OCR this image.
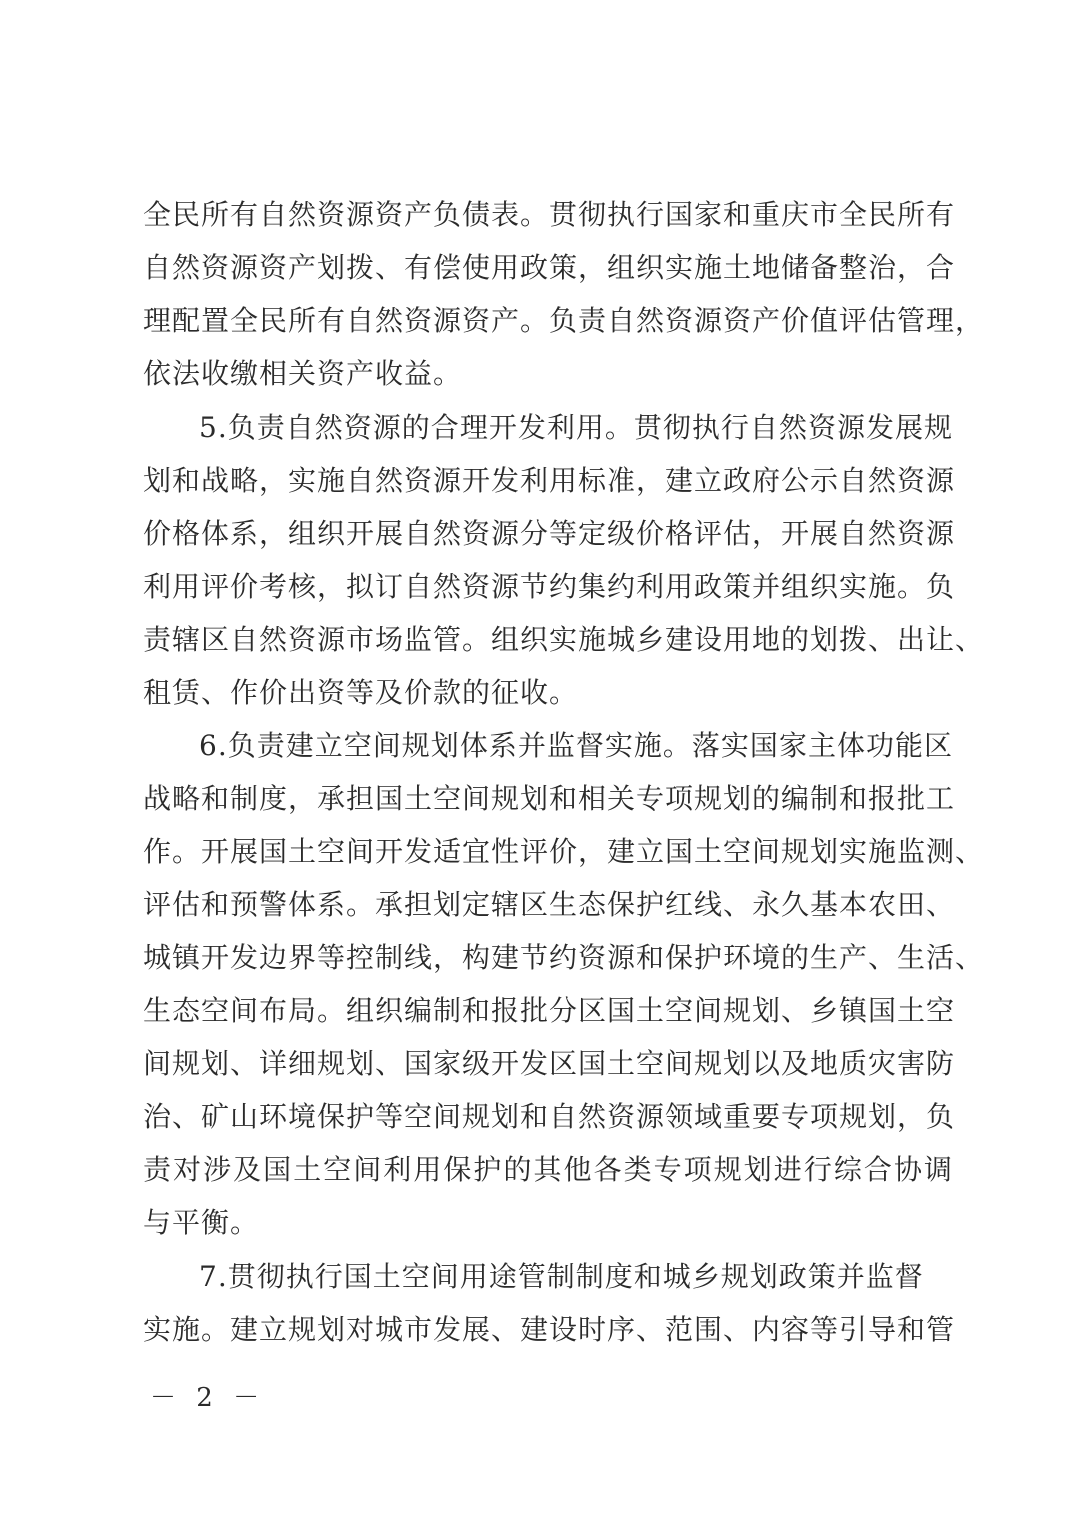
全民所有自然资源资产负债表。贯彻执行国家和重庆市全民所有
自然资源资产划拨、有偿使用政策，组织实施土地储备整治，合
理配置全民所有自然资源资产。负责自然资源资产价值评估管理，
依法收缴相关资产收益。
5.负责自然资源的合理开发利用。贯彻执行自然资源发展规
划和战略，实施自然资源开发利用标准，建立政府公示自然资源
价格体系，组织开展自然资源分等定级价格评估，开展自然资源
利用评价考核，拟订自然资源节约集约利用政策并组织实施。负
责辖区自然资源市场监管。组织实施城乡建设用地的划拨、出让、
租赁、作价出资等及价款的征收。
6.负责建立空间规划体系并监督实施。落实国家主体功能区
战略和制度，承担国土空间规划和相关专项规划的编制和报批工
作。开展国土空间开发适宜性评价，建立国土空间规划实施监测、
评估和预警体系。承担划定辖区生态保护红线、永久基本农田、
城镇开发边界等控制线，构建节约资源和保护环境的生产、生活、
生态空间布局。组织编制和报批分区国土空间规划、乡镇国土空
间规划、详细规划、国家级开发区国土空间规划以及地质灾害防
治、矿山环境保护等空间规划和自然资源领域重要专项规划，负
责对涉及国土空间利用保护的其他各类专项规划进行综合协调
与平衡。
7.贯彻执行国土空间用途管制制度和城乡规划政策并监督
实施。建立规划对城市发展、建设时序、范围、内容等引导和管
－ 2 －
